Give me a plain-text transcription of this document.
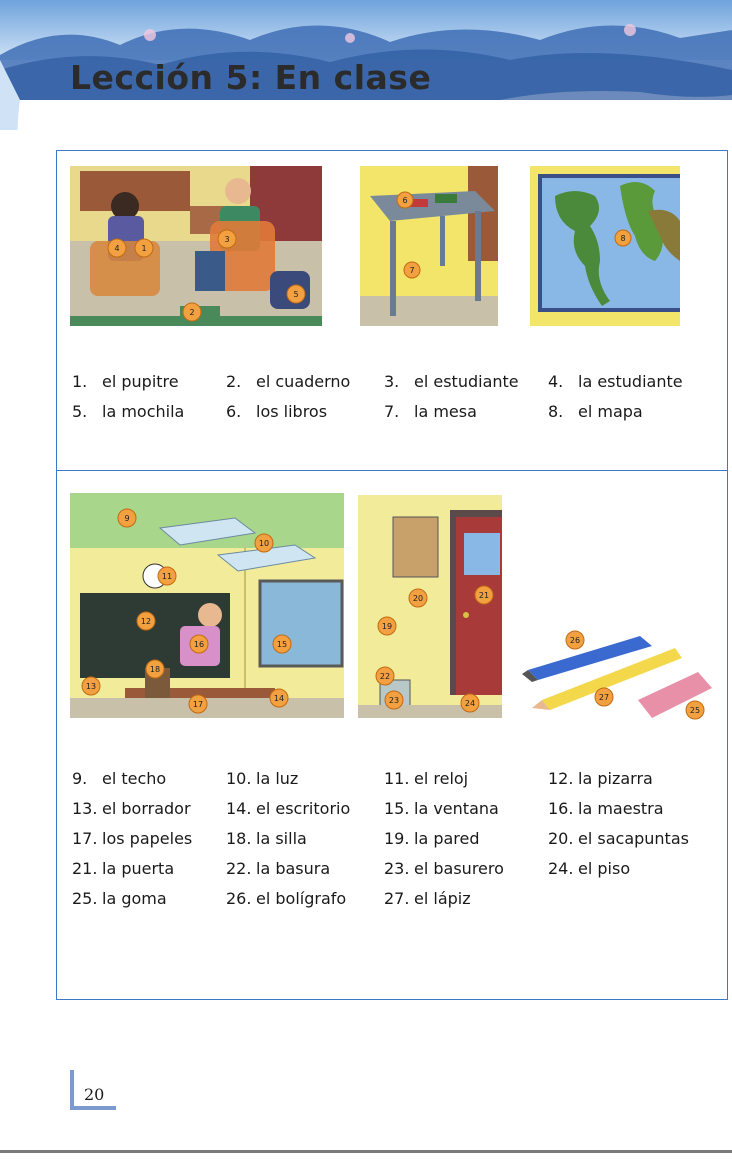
Lección 5: En clase
1
2
3
4
5
6
7
8
1. el pupitre
5. la mochila
2. el cuaderno
6. los libros
3. el estudiante
7. la mesa
4. la estudiante
8. el mapa
9
10
11
12
13
14
15
16
17
18
20	21
19
22
23	24
26
27
25
9. el techo
13. el borrador
17. los papeles
21. la puerta
25. la goma
10. la luz
14. el escritorio
18. la silla
22. la basura
26. el bolígrafo
11. el reloj
15. la ventana
19. la pared
23. el basurero
27. el lápiz
12. la pizarra
16. la maestra
20. el sacapuntas
24. el piso
20
